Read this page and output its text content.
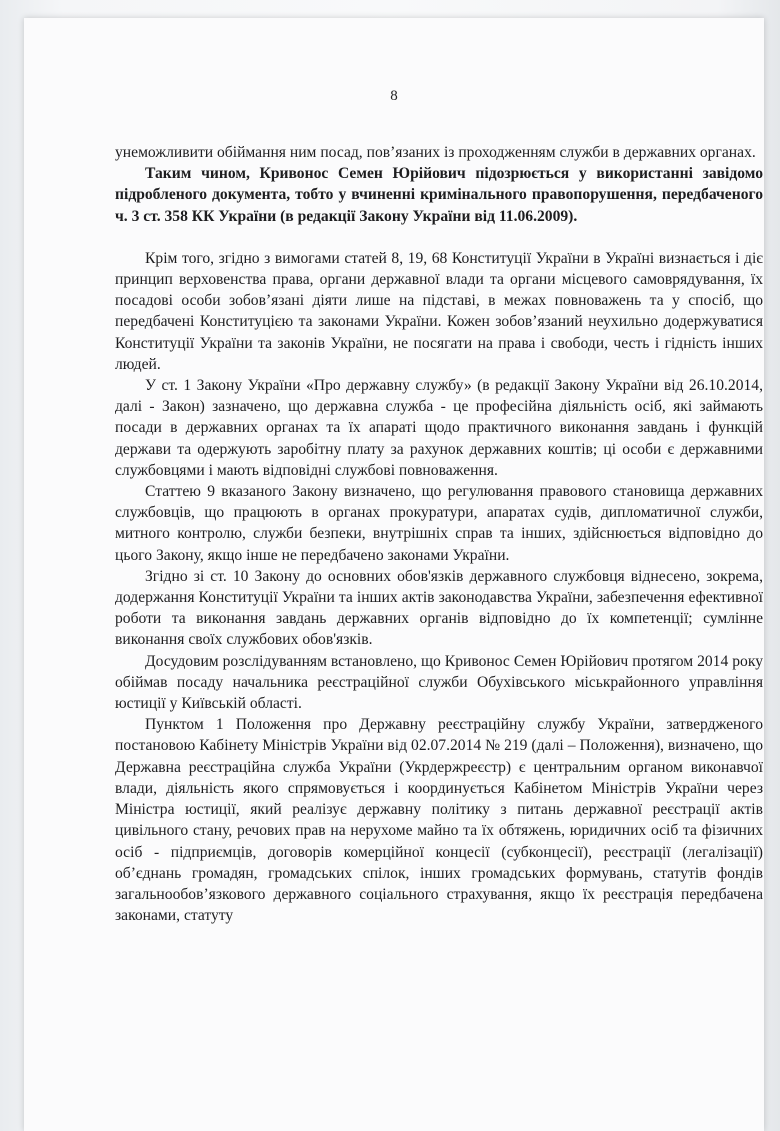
8

унеможливити обіймання ним посад, пов’язаних із проходженням служби в державних органах.

Таким чином, Кривонос Семен Юрійович підозрюється у використанні завідомо підробленого документа, тобто у вчиненні кримінального правопорушення, передбаченого ч. 3 ст. 358 КК України (в редакції Закону України від 11.06.2009).

Крім того, згідно з вимогами статей 8, 19, 68 Конституції України в Україні визнається і діє принцип верховенства права, органи державної влади та органи місцевого самоврядування, їх посадові особи зобов’язані діяти лише на підставі, в межах повноважень та у спосіб, що передбачені Конституцією та законами України. Кожен зобов’язаний неухильно додержуватися Конституції України та законів України, не посягати на права і свободи, честь і гідність інших людей.

У ст. 1 Закону України «Про державну службу» (в редакції Закону України від 26.10.2014, далі - Закон) зазначено, що державна служба - це професійна діяльність осіб, які займають посади в державних органах та їх апараті щодо практичного виконання завдань і функцій держави та одержують заробітну плату за рахунок державних коштів; ці особи є державними службовцями і мають відповідні службові повноваження.

Статтею 9 вказаного Закону визначено, що регулювання правового становища державних службовців, що працюють в органах прокуратури, апаратах судів, дипломатичної служби, митного контролю, служби безпеки, внутрішніх справ та інших, здійснюється відповідно до цього Закону, якщо інше не передбачено законами України.

Згідно зі ст. 10 Закону до основних обов'язків державного службовця віднесено, зокрема, додержання Конституції України та інших актів законодавства України, забезпечення ефективної роботи та виконання завдань державних органів відповідно до їх компетенції; сумлінне виконання своїх службових обов'язків.

Досудовим розслідуванням встановлено, що Кривонос Семен Юрійович протягом 2014 року обіймав посаду начальника реєстраційної служби Обухівського міськрайонного управління юстиції у Київській області.

Пунктом 1 Положення про Державну реєстраційну службу України, затвердженого постановою Кабінету Міністрів України від 02.07.2014 № 219 (далі – Положення), визначено, що Державна реєстраційна служба України (Укрдержреєстр) є центральним органом виконавчої влади, діяльність якого спрямовується і координується Кабінетом Міністрів України через Міністра юстиції, який реалізує державну політику з питань державної реєстрації актів цивільного стану, речових прав на нерухоме майно та їх обтяжень, юридичних осіб та фізичних осіб - підприємців, договорів комерційної концесії (субконцесії), реєстрації (легалізації) об’єднань громадян, громадських спілок, інших громадських формувань, статутів фондів загальнообов’язкового державного соціального страхування, якщо їх реєстрація передбачена законами, статуту
